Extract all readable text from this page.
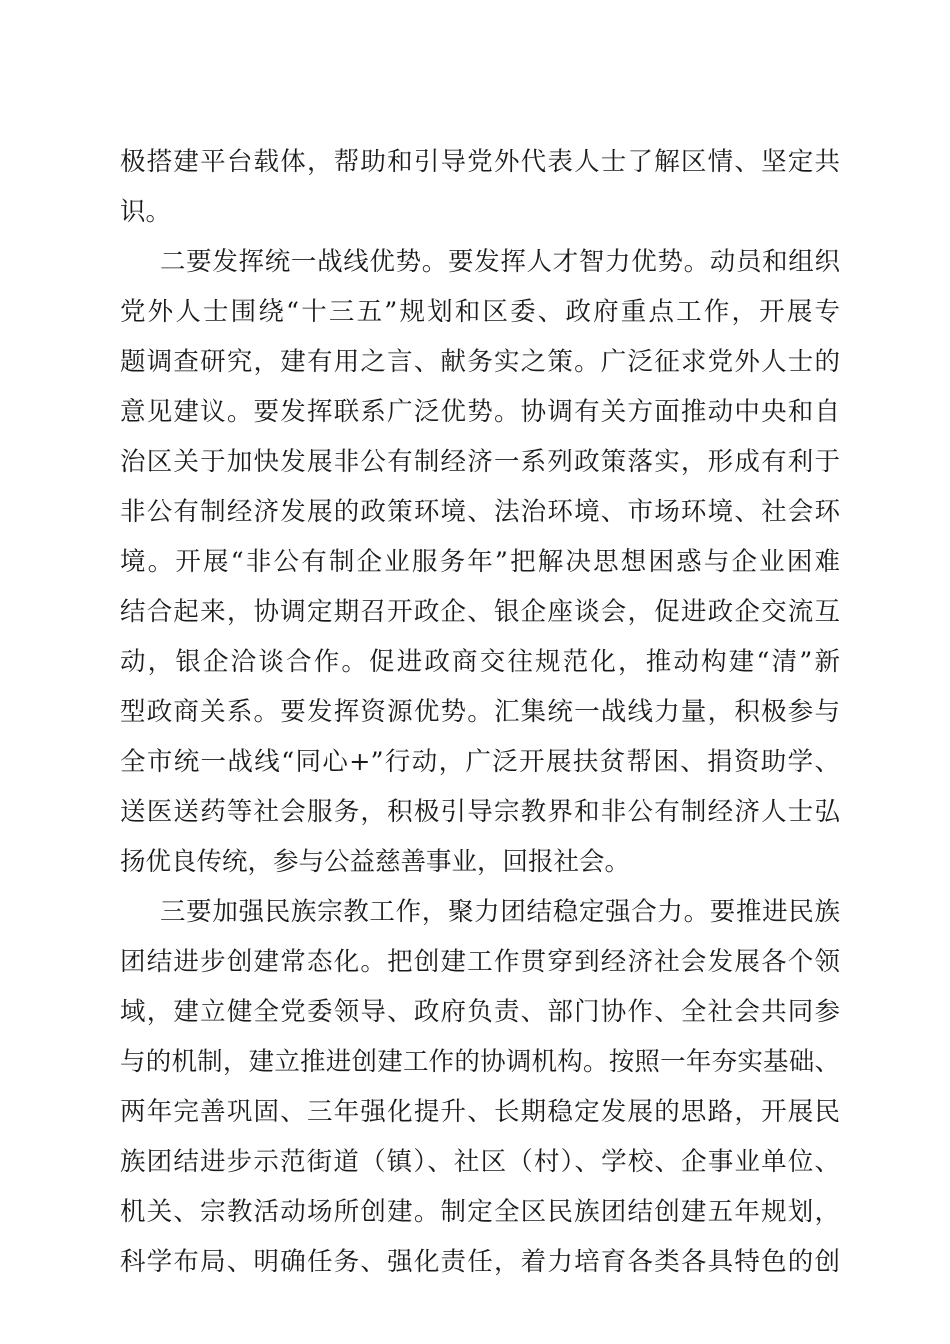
极搭建平台载体，帮助和引导党外代表人士了解区情、坚定共
识。
二要发挥统一战线优势。要发挥人才智力优势。动员和组织
党外人士围绕“十三五”规划和区委、政府重点工作，开展专
题调查研究，建有用之言、献务实之策。广泛征求党外人士的
意见建议。要发挥联系广泛优势。协调有关方面推动中央和自
治区关于加快发展非公有制经济一系列政策落实，形成有利于
非公有制经济发展的政策环境、法治环境、市场环境、社会环
境。开展“非公有制企业服务年”把解决思想困惑与企业困难
结合起来，协调定期召开政企、银企座谈会，促进政企交流互
动，银企洽谈合作。促进政商交往规范化，推动构建“清”新
型政商关系。要发挥资源优势。汇集统一战线力量，积极参与
全市统一战线“同心+”行动，广泛开展扶贫帮困、捐资助学、
送医送药等社会服务，积极引导宗教界和非公有制经济人士弘
扬优良传统，参与公益慈善事业，回报社会。
三要加强民族宗教工作，聚力团结稳定强合力。要推进民族
团结进步创建常态化。把创建工作贯穿到经济社会发展各个领
域，建立健全党委领导、政府负责、部门协作、全社会共同参
与的机制，建立推进创建工作的协调机构。按照一年夯实基础、
两年完善巩固、三年强化提升、长期稳定发展的思路，开展民
族团结进步示范街道（镇）、社区（村）、学校、企事业单位、
机关、宗教活动场所创建。制定全区民族团结创建五年规划，
科学布局、明确任务、强化责任，着力培育各类各具特色的创
